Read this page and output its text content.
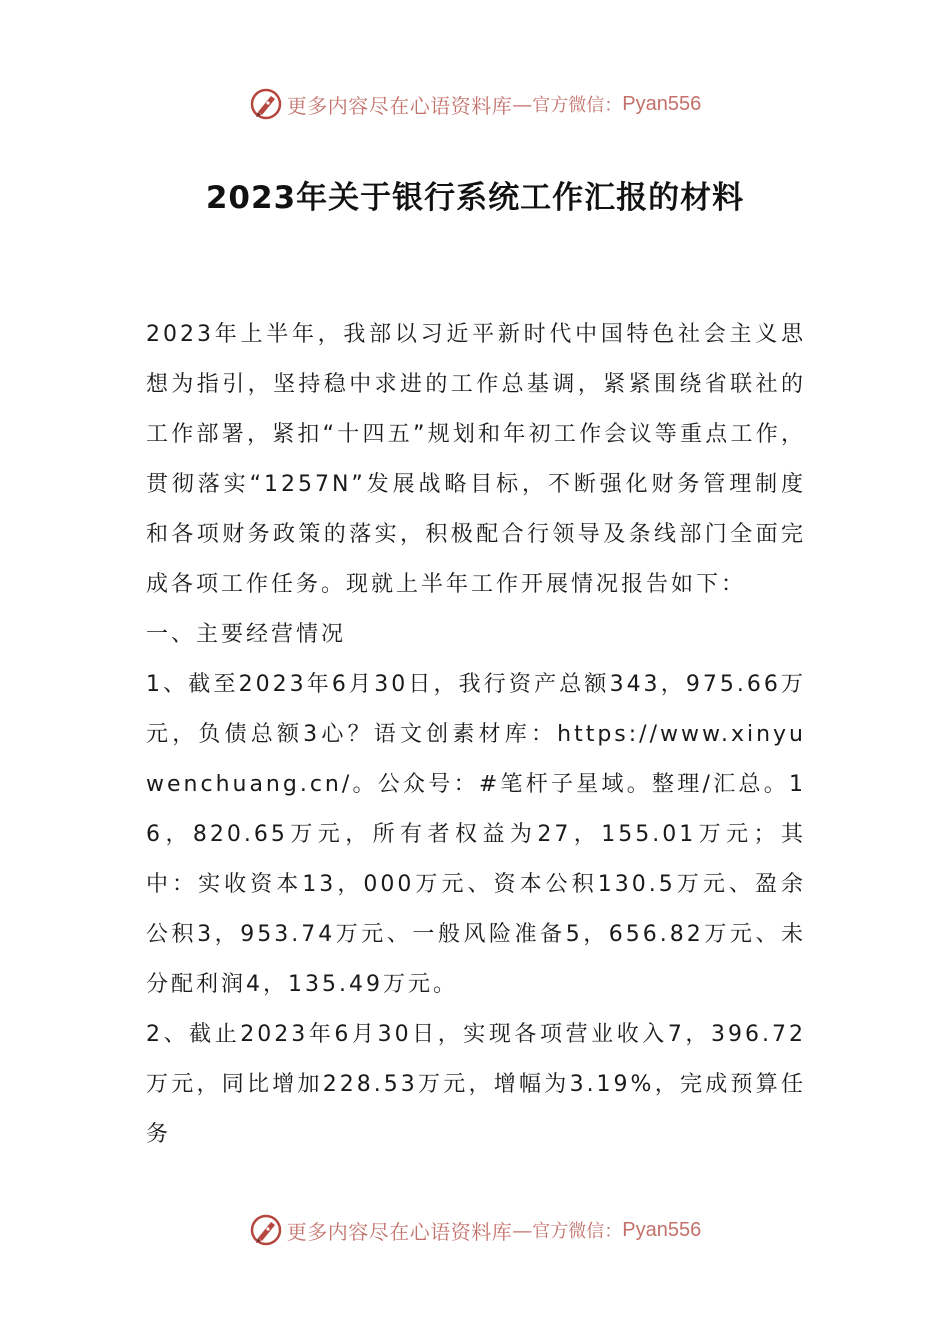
更多内容尽在心语资料库 — 官方微信： Pyan556
2023年关于银行系统工作汇报的材料

2023年上半年，我部以习近平新时代中国特色社会主义思想为指引，坚持稳中求进的工作总基调，紧紧围绕省联社的工作部署，紧扣“十四五”规划和年初工作会议等重点工作，贯彻落实“1257N”发展战略目标，不断强化财务管理制度和各项财务政策的落实，积极配合行领导及条线部门全面完成各项工作任务。现就上半年工作开展情况报告如下：

一、主要经营情况

1、截至2023年6月30日，我行资产总额343，975.66万元，负债总额3心？语文创素材库：https://www.xinyuwenchuang.cn/。公众号：#笔杆子星域。整理/汇总。16，820.65万元，所有者权益为27，155.01万元；其中：实收资本13，000万元、资本公积130.5万元、盈余公积3，953.74万元、一般风险准备5，656.82万元、未分配利润4，135.49万元。

2、截止2023年6月30日，实现各项营业收入7，396.72万元，同比增加228.53万元，增幅为3.19%，完成预算任务

更多内容尽在心语资料库 — 官方微信： Pyan556
